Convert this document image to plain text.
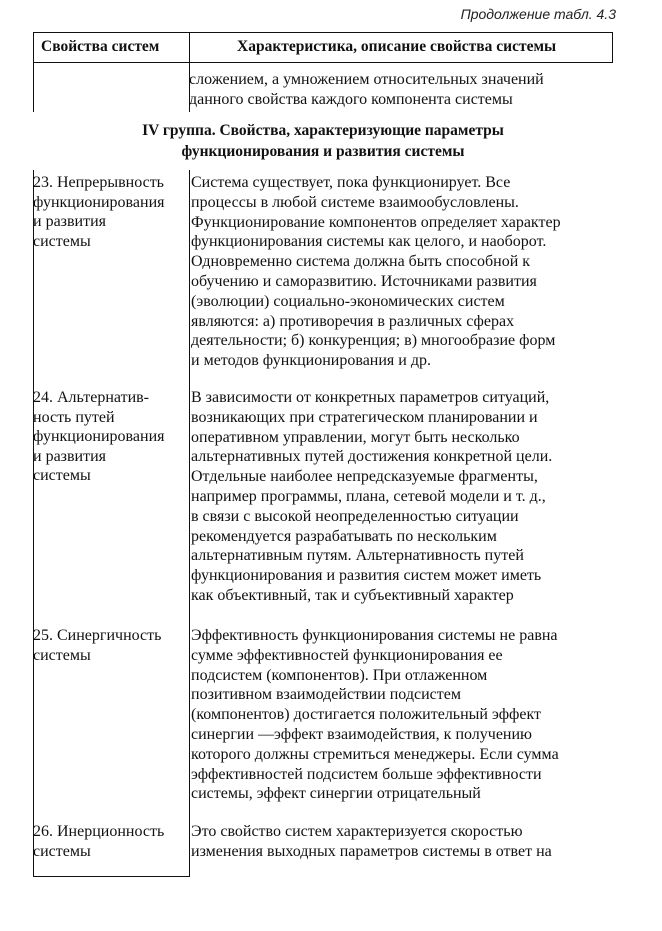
Продолжение табл. 4.3
Свойства систем	Характеристика, описание свойства системы
сложением, а умножением относительных значений
данного свойства каждого компонента системы
IV группа. Свойства, характеризующие параметры
функционирования и развития системы
23. Непрерывность
функционирования
и развития
системы
Система существует, пока функционирует. Все
процессы в любой системе взаимообусловлены.
Функционирование компонентов определяет характер
функционирования системы как целого, и наоборот.
Одновременно система должна быть способной к
обучению и саморазвитию. Источниками развития
(эволюции) социально-экономических систем
являются: а) противоречия в различных сферах
деятельности; б) конкуренция; в) многообразие форм
и методов функционирования и др.
24. Альтернатив-
ность путей
функционирования
и развития
системы
В зависимости от конкретных параметров ситуаций,
возникающих при стратегическом планировании и
оперативном управлении, могут быть несколько
альтернативных путей достижения конкретной цели.
Отдельные наиболее непредсказуемые фрагменты,
например программы, плана, сетевой модели и т. д.,
в связи с высокой неопределенностью ситуации
рекомендуется разрабатывать по нескольким
альтернативным путям. Альтернативность путей
функционирования и развития систем может иметь
как объективный, так и субъективный характер
25. Синергичность
системы
Эффективность функционирования системы не равна
сумме эффективностей функционирования ее
подсистем (компонентов). При отлаженном
позитивном взаимодействии подсистем
(компонентов) достигается положительный эффект
синергии —эффект взаимодействия, к получению
которого должны стремиться менеджеры. Если сумма
эффективностей подсистем больше эффективности
системы, эффект синергии отрицательный
26. Инерционность
системы
Это свойство систем характеризуется скоростью
изменения выходных параметров системы в ответ на
